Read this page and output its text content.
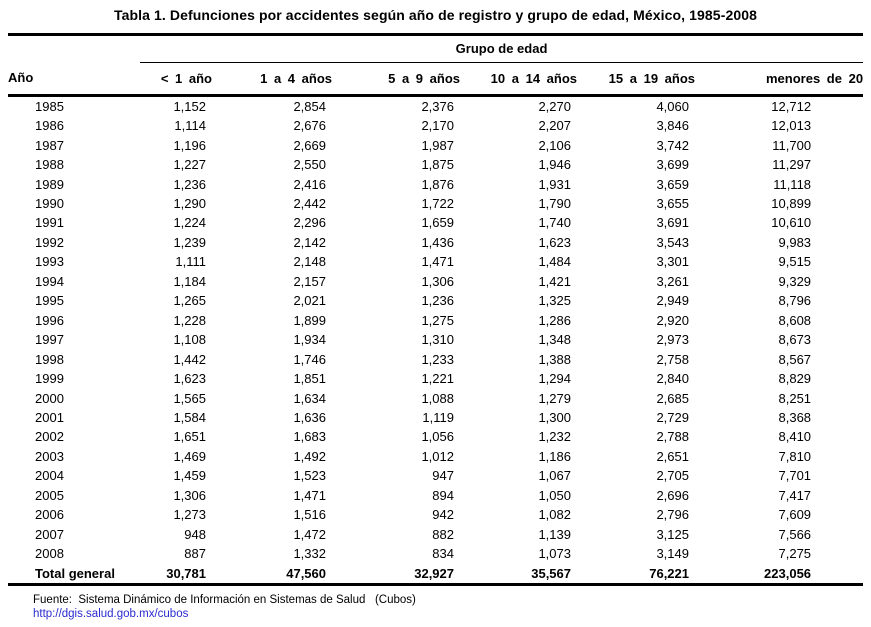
Tabla 1. Defunciones por accidentes según año de registro y grupo de edad, México, 1985-2008
	Grupo de edad					
Año	< 1 año	1 a 4 años	5 a 9 años	10 a 14 años	15 a 19 años	menores de 20
1985	1,152	2,854	2,376	2,270	4,060	12,712
1986	1,114	2,676	2,170	2,207	3,846	12,013
1987	1,196	2,669	1,987	2,106	3,742	11,700
1988	1,227	2,550	1,875	1,946	3,699	11,297
1989	1,236	2,416	1,876	1,931	3,659	11,118
1990	1,290	2,442	1,722	1,790	3,655	10,899
1991	1,224	2,296	1,659	1,740	3,691	10,610
1992	1,239	2,142	1,436	1,623	3,543	9,983
1993	1,111	2,148	1,471	1,484	3,301	9,515
1994	1,184	2,157	1,306	1,421	3,261	9,329
1995	1,265	2,021	1,236	1,325	2,949	8,796
1996	1,228	1,899	1,275	1,286	2,920	8,608
1997	1,108	1,934	1,310	1,348	2,973	8,673
1998	1,442	1,746	1,233	1,388	2,758	8,567
1999	1,623	1,851	1,221	1,294	2,840	8,829
2000	1,565	1,634	1,088	1,279	2,685	8,251
2001	1,584	1,636	1,119	1,300	2,729	8,368
2002	1,651	1,683	1,056	1,232	2,788	8,410
2003	1,469	1,492	1,012	1,186	2,651	7,810
2004	1,459	1,523	947	1,067	2,705	7,701
2005	1,306	1,471	894	1,050	2,696	7,417
2006	1,273	1,516	942	1,082	2,796	7,609
2007	948	1,472	882	1,139	3,125	7,566
2008	887	1,332	834	1,073	3,149	7,275
Total general	30,781	47,560	32,927	35,567	76,221	223,056
Fuente:  Sistema Dinámico de Información en Sistemas de Salud   (Cubos)
http://dgis.salud.gob.mx/cubos
